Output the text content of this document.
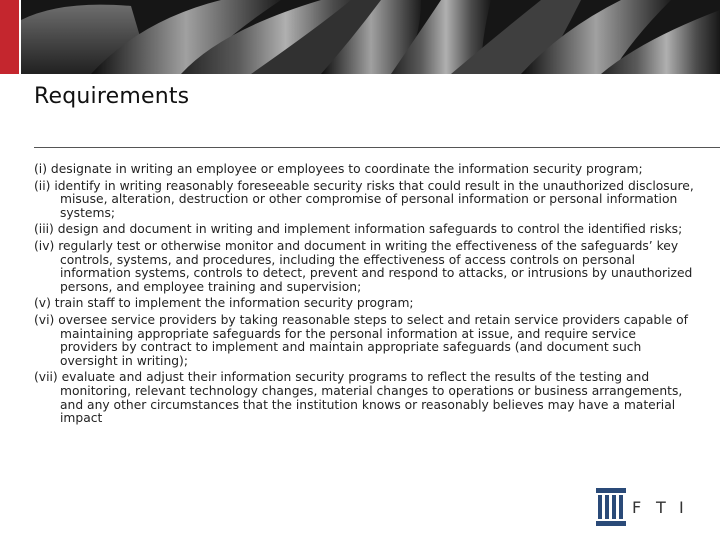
Requirements
(i) designate in writing an employee or employees to coordinate the information security program;
(ii) identify in writing reasonably foreseeable security risks that could result in the unauthorized disclosure, misuse, alteration, destruction or other compromise of personal information or personal information systems;
(iii) design and document in writing and implement information safeguards to control the identified risks;
(iv) regularly test or otherwise monitor and document in writing the effectiveness of the safeguards’ key controls, systems, and procedures, including the effectiveness of access controls on personal information systems, controls to detect, prevent and respond to attacks, or intrusions by unauthorized persons, and employee training and supervision;
(v) train staff to implement the information security program;
(vi) oversee service providers by taking reasonable steps to select and retain service providers capable of maintaining appropriate safeguards for the personal information at issue, and require service providers by contract to implement and maintain appropriate safeguards (and document such oversight in writing);
(vii) evaluate and adjust their information security programs to reflect the results of the testing and monitoring, relevant technology changes, material changes to operations or business arrangements, and any other circumstances that the institution knows or reasonably believes may have a material impact
F T I
